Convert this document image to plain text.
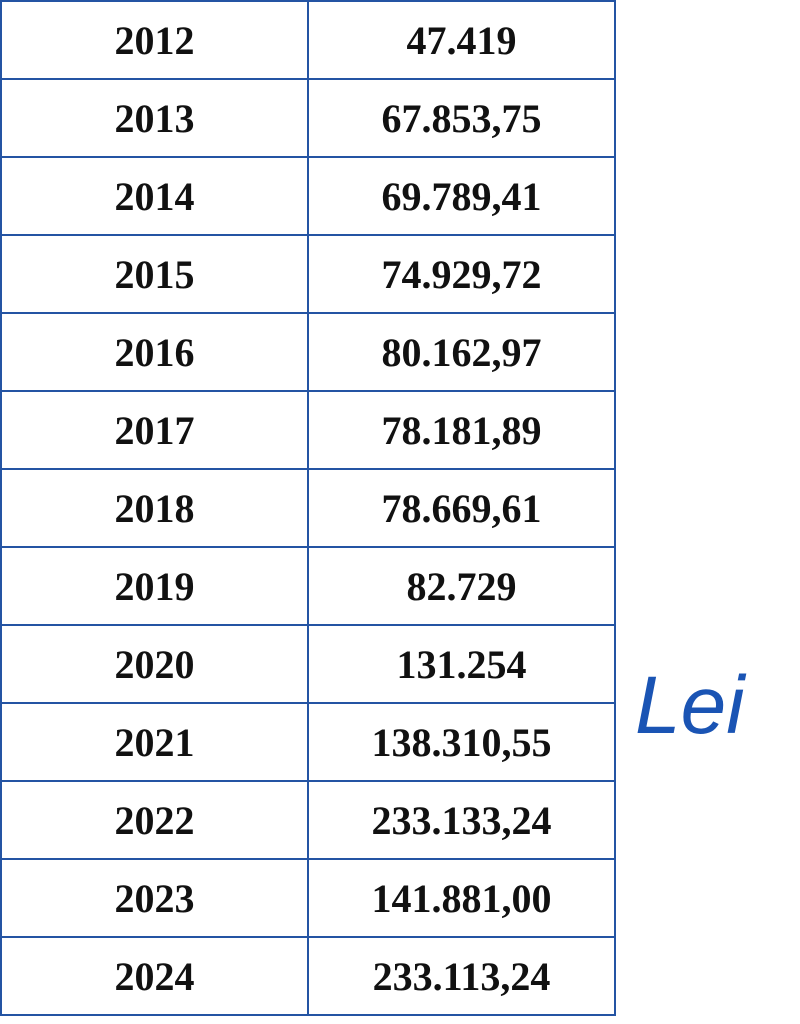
2012	47.419
2013	67.853,75
2014	69.789,41
2015	74.929,72
2016	80.162,97
2017	78.181,89
2018	78.669,61
2019	82.729
2020	131.254
2021	138.310,55
2022	233.133,24
2023	141.881,00
2024	233.113,24
Lei
